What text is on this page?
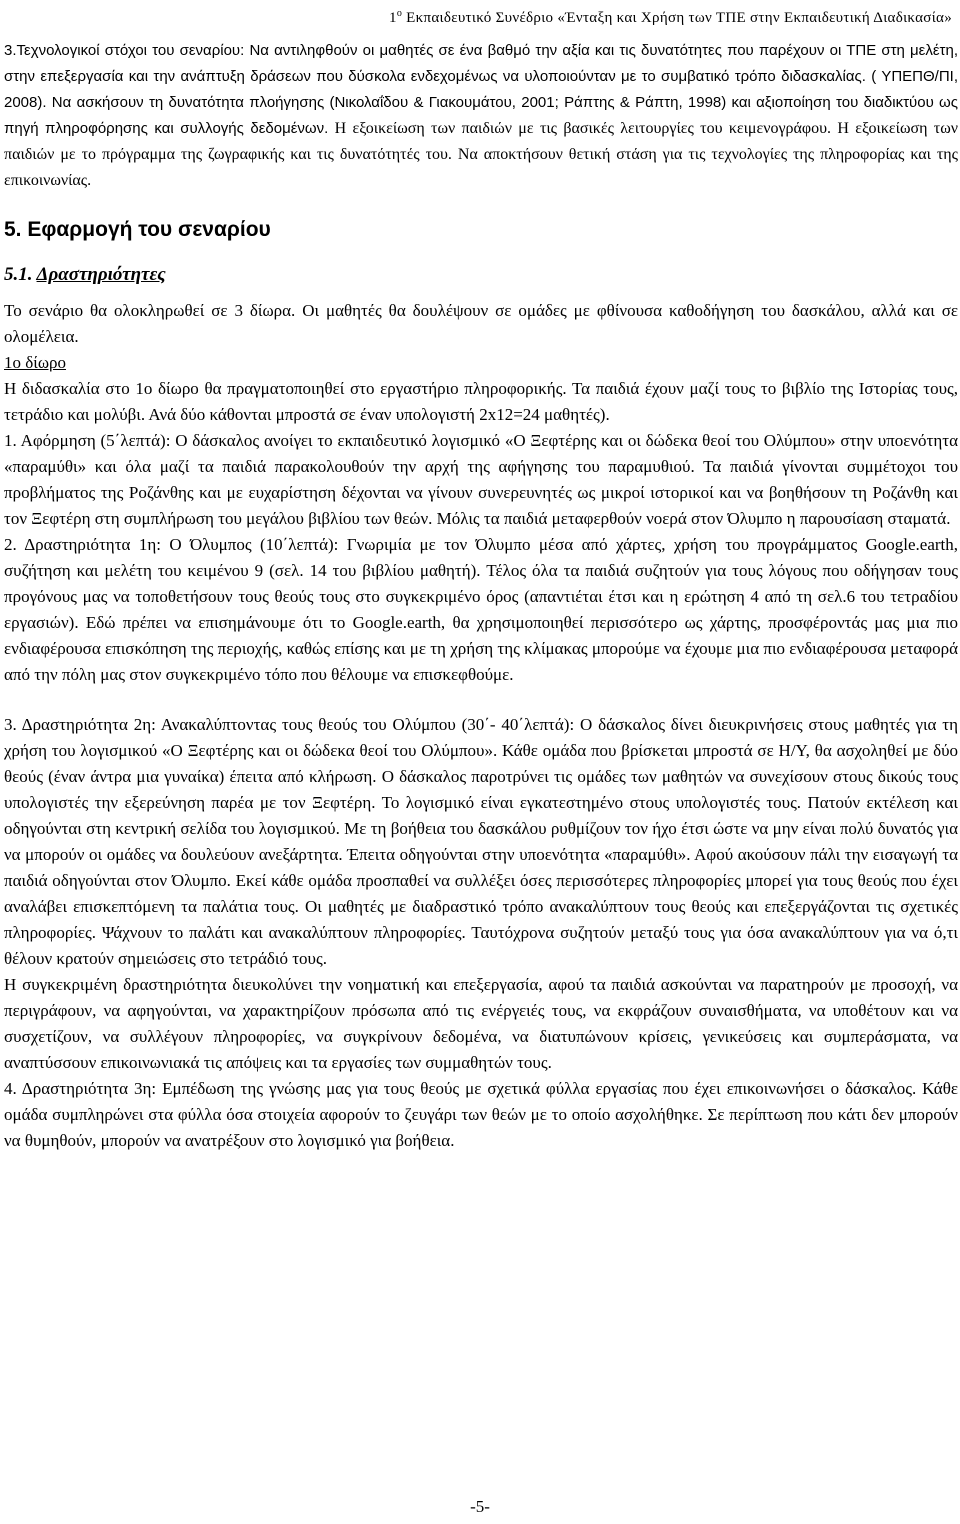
$1^o$ Εκπαιδευτικό Συνέδριο «Ένταξη και Χρήση των ΤΠΕ στην Εκπαιδευτική Διαδικασία»

3.Τεχνολογικοί στόχοι του σεναρίου: Να αντιληφθούν οι μαθητές σε ένα βαθμό την αξία και τις δυνατότητες που παρέχουν οι ΤΠΕ στη μελέτη, στην επεξεργασία και την ανάπτυξη δράσεων που δύσκολα ενδεχομένως να υλοποιούνταν με το συμβατικό τρόπο διδασκαλίας. ( ΥΠΕΠΘ/ΠΙ, 2008). Να ασκήσουν τη δυνατότητα πλοήγησης (Νικολαΐδου & Γιακουμάτου, 2001; Ράπτης & Ράπτη, 1998) και αξιοποίηση του διαδικτύου ως πηγή πληροφόρησης και συλλογής δεδομένων. Η εξοικείωση των παιδιών με τις βασικές λειτουργίες του κειμενογράφου. Η εξοικείωση των παιδιών με το πρόγραμμα της ζωγραφικής και τις δυνατότητές του. Να αποκτήσουν θετική στάση για τις τεχνολογίες της πληροφορίας και της επικοινωνίας.

5. Εφαρμογή του σεναρίου
5.1. Δραστηριότητες

Το σενάριο θα ολοκληρωθεί σε 3 δίωρα. Οι μαθητές θα δουλέψουν σε ομάδες με φθίνουσα καθοδήγηση του δασκάλου, αλλά και σε ολομέλεια.

1ο δίωρο
Η διδασκαλία στο 1ο δίωρο θα πραγματοποιηθεί στο εργαστήριο πληροφορικής. Τα παιδιά έχουν μαζί τους το βιβλίο της Ιστορίας τους, τετράδιο και μολύβι. Ανά δύο κάθονται μπροστά σε έναν υπολογιστή 2x12=24 μαθητές).

1. Αφόρμηση (5΄λεπτά): Ο δάσκαλος ανοίγει το εκπαιδευτικό λογισμικό «Ο Ξεφτέρης και οι δώδεκα θεοί του Ολύμπου» στην υποενότητα «παραμύθι» και όλα μαζί τα παιδιά παρακολουθούν την αρχή της αφήγησης του παραμυθιού. Τα παιδιά γίνονται συμμέτοχοι του προβλήματος της Ροζάνθης και με ευχαρίστηση δέχονται να γίνουν συνερευνητές ως μικροί ιστορικοί και να βοηθήσουν τη Ροζάνθη και τον Ξεφτέρη στη συμπλήρωση του μεγάλου βιβλίου των θεών. Μόλις τα παιδιά μεταφερθούν νοερά στον Όλυμπο η παρουσίαση σταματά.

2. Δραστηριότητα 1η: Ο Όλυμπος (10΄λεπτά): Γνωριμία με τον Όλυμπο μέσα από χάρτες, χρήση του προγράμματος Google.earth, συζήτηση και μελέτη του κειμένου 9 (σελ. 14 του βιβλίου μαθητή). Τέλος όλα τα παιδιά συζητούν για τους λόγους που οδήγησαν τους προγόνους μας να τοποθετήσουν τους θεούς τους στο συγκεκριμένο όρος (απαντιέται έτσι και η ερώτηση 4 από τη σελ.6 του τετραδίου εργασιών). Εδώ πρέπει να επισημάνουμε ότι το Google.earth, θα χρησιμοποιηθεί περισσότερο ως χάρτης, προσφέροντάς μας μια πιο ενδιαφέρουσα επισκόπηση της περιοχής, καθώς επίσης και με τη χρήση της κλίμακας μπορούμε να έχουμε μια πιο ενδιαφέρουσα μεταφορά από την πόλη μας στον συγκεκριμένο τόπο που θέλουμε να επισκεφθούμε.

3. Δραστηριότητα 2η: Ανακαλύπτοντας τους θεούς του Ολύμπου (30΄- 40΄λεπτά): Ο δάσκαλος δίνει διευκρινήσεις στους μαθητές για τη χρήση του λογισμικού «Ο Ξεφτέρης και οι δώδεκα θεοί του Ολύμπου». Κάθε ομάδα που βρίσκεται μπροστά σε Η/Υ, θα ασχοληθεί με δύο θεούς (έναν άντρα μια γυναίκα) έπειτα από κλήρωση. Ο δάσκαλος παροτρύνει τις ομάδες των μαθητών να συνεχίσουν στους δικούς τους υπολογιστές την εξερεύνηση παρέα με τον Ξεφτέρη. Το λογισμικό είναι εγκατεστημένο στους υπολογιστές τους. Πατούν εκτέλεση και οδηγούνται στη κεντρική σελίδα του λογισμικού. Με τη βοήθεια του δασκάλου ρυθμίζουν τον ήχο έτσι ώστε να μην είναι πολύ δυνατός για να μπορούν οι ομάδες να δουλεύουν ανεξάρτητα. Έπειτα οδηγούνται στην υποενότητα «παραμύθι». Αφού ακούσουν πάλι την εισαγωγή τα παιδιά οδηγούνται στον Όλυμπο. Εκεί κάθε ομάδα προσπαθεί να συλλέξει όσες περισσότερες πληροφορίες μπορεί για τους θεούς που έχει αναλάβει επισκεπτόμενη τα παλάτια τους. Οι μαθητές με διαδραστικό τρόπο ανακαλύπτουν τους θεούς και επεξεργάζονται τις σχετικές πληροφορίες. Ψάχνουν το παλάτι και ανακαλύπτουν πληροφορίες. Ταυτόχρονα συζητούν μεταξύ τους για όσα ανακαλύπτουν για να ό,τι θέλουν κρατούν σημειώσεις στο τετράδιό τους.

Η συγκεκριμένη δραστηριότητα διευκολύνει την νοηματική και επεξεργασία, αφού τα παιδιά ασκούνται να παρατηρούν με προσοχή, να περιγράφουν, να αφηγούνται, να χαρακτηρίζουν πρόσωπα από τις ενέργειές τους, να εκφράζουν συναισθήματα, να υποθέτουν και να συσχετίζουν, να συλλέγουν πληροφορίες, να συγκρίνουν δεδομένα, να διατυπώνουν κρίσεις, γενικεύσεις και συμπεράσματα, να αναπτύσσουν επικοινωνιακά τις απόψεις και τα εργασίες των συμμαθητών τους.

4. Δραστηριότητα 3η: Εμπέδωση της γνώσης μας για τους θεούς με σχετικά φύλλα εργασίας που έχει επικοινωνήσει ο δάσκαλος. Κάθε ομάδα συμπληρώνει στα φύλλα όσα στοιχεία αφορούν το ζευγάρι των θεών με το οποίο ασχολήθηκε. Σε περίπτωση που κάτι δεν μπορούν να θυμηθούν, μπορούν να ανατρέξουν στο λογισμικό για βοήθεια.

-5-
